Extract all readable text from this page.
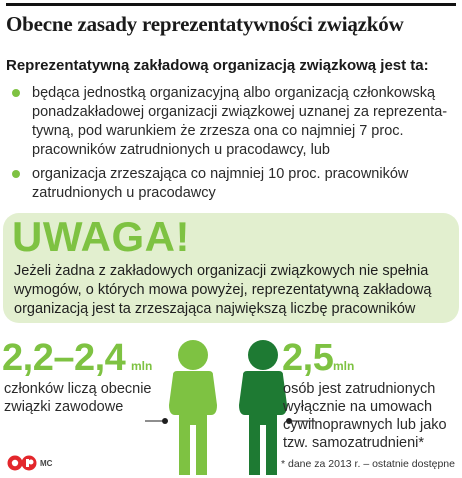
Obecne zasady reprezentatywności związków
Reprezentatywną zakładową organizacją związkową jest ta:
będąca jednostką organizacyjną albo organizacją członkowską
ponadzakładowej organizacji związkowej uznanej za reprezenta-
tywną, pod warunkiem że zrzesza ona co najmniej 7 proc.
pracowników zatrudnionych u pracodawcy, lub
organizacja zrzeszająca co najmniej 10 proc. pracowników
zatrudnionych u pracodawcy
UWAGA!
Jeżeli żadna z zakładowych organizacji związkowych nie spełnia
wymogów, o których mowa powyżej, reprezentatywną zakładową
organizacją jest ta zrzeszająca największą liczbę pracowników
2,2–2,4 mln
członków liczą obecnie
związki zawodowe
2,5 mln
osób jest zatrudnionych
wyłącznie na umowach
cywilnoprawnych lub jako
tzw. samozatrudnieni*
MC	* dane za 2013 r. – ostatnie dostępne
